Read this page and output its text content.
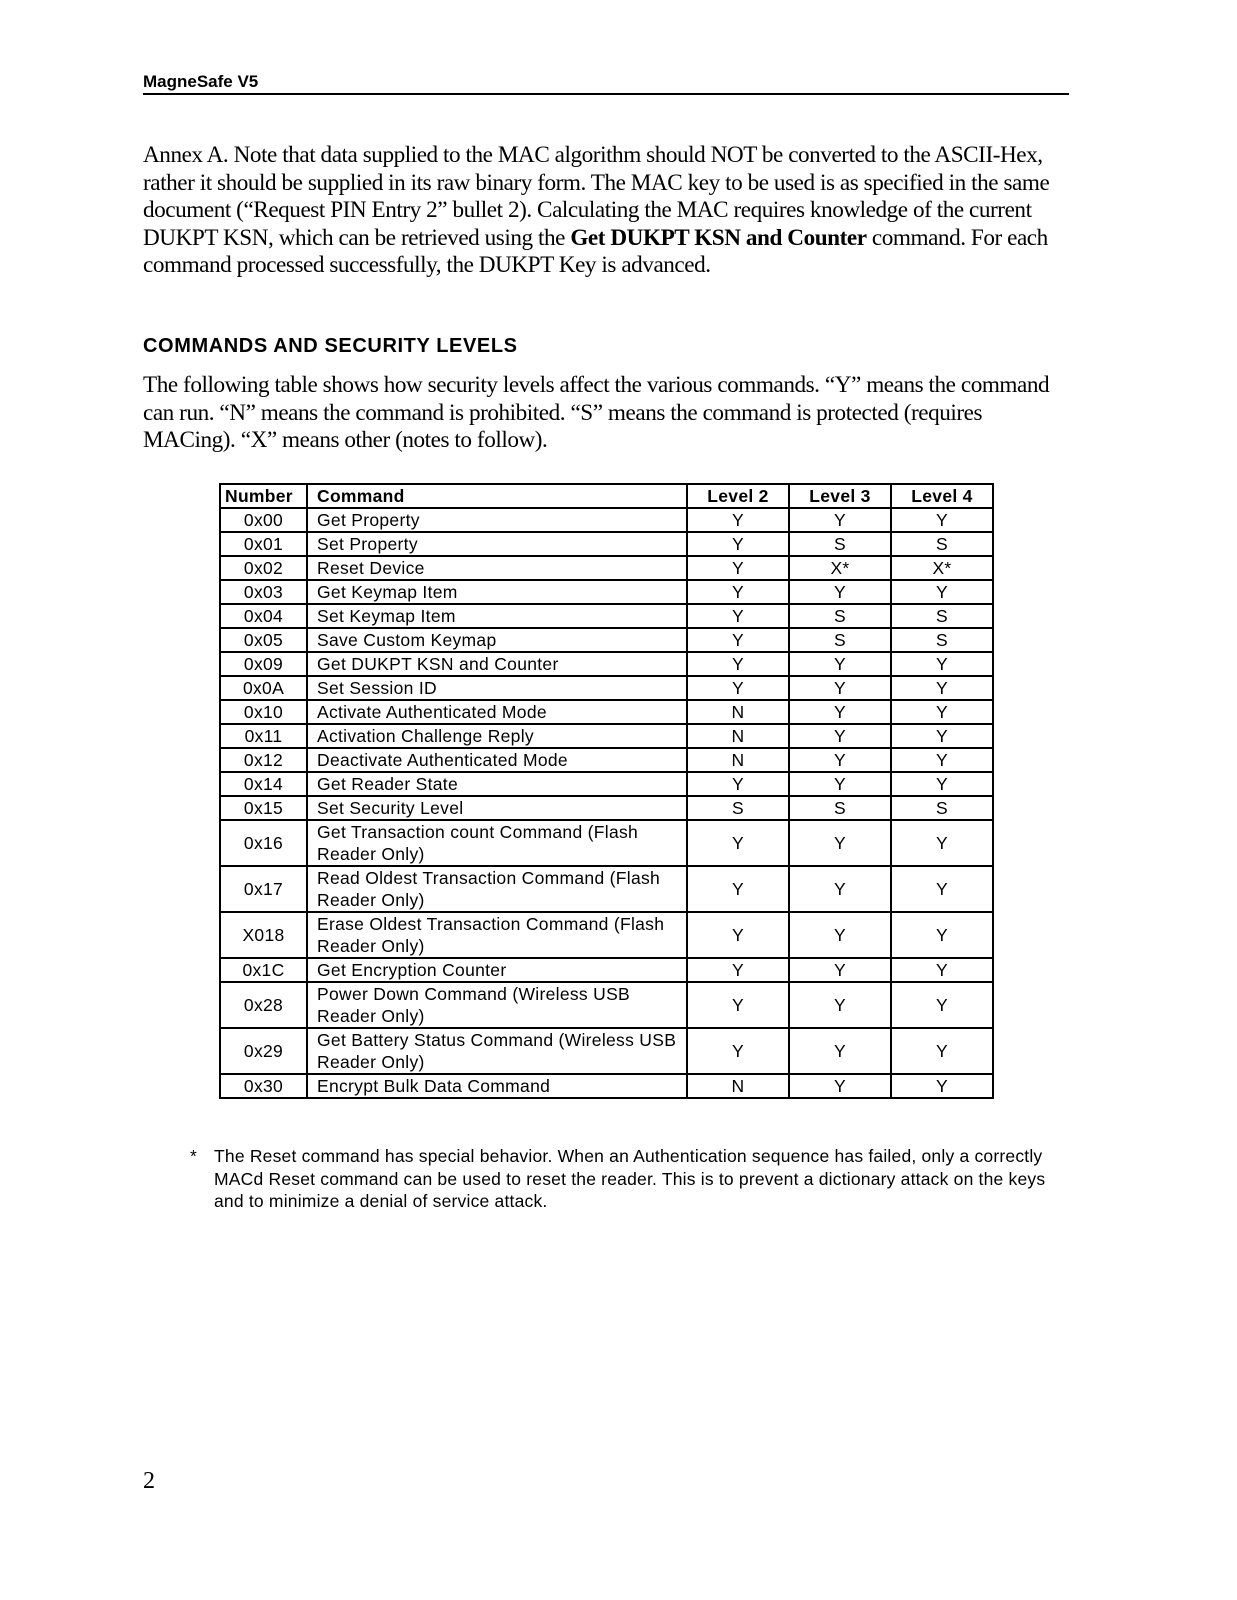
MagneSafe V5
Annex A. Note that data supplied to the MAC algorithm should NOT be converted to the ASCII-Hex, rather it should be supplied in its raw binary form. The MAC key to be used is as specified in the same document (“Request PIN Entry 2” bullet 2). Calculating the MAC requires knowledge of the current DUKPT KSN, which can be retrieved using the Get DUKPT KSN and Counter command. For each command processed successfully, the DUKPT Key is advanced.
COMMANDS AND SECURITY LEVELS
The following table shows how security levels affect the various commands. “Y” means the command can run. “N” means the command is prohibited. “S” means the command is protected (requires MACing). “X” means other (notes to follow).
Number	Command	Level 2	Level 3	Level 4
0x00	Get Property	Y	Y	Y
0x01	Set Property	Y	S	S
0x02	Reset Device	Y	X*	X*
0x03	Get Keymap Item	Y	Y	Y
0x04	Set Keymap Item	Y	S	S
0x05	Save Custom Keymap	Y	S	S
0x09	Get DUKPT KSN and Counter	Y	Y	Y
0x0A	Set Session ID	Y	Y	Y
0x10	Activate Authenticated Mode	N	Y	Y
0x11	Activation Challenge Reply	N	Y	Y
0x12	Deactivate Authenticated Mode	N	Y	Y
0x14	Get Reader State	Y	Y	Y
0x15	Set Security Level	S	S	S
0x16	Get Transaction count Command (Flash Reader Only)	Y	Y	Y
0x17	Read Oldest Transaction Command (Flash Reader Only)	Y	Y	Y
X018	Erase Oldest Transaction Command (Flash Reader Only)	Y	Y	Y
0x1C	Get Encryption Counter	Y	Y	Y
0x28	Power Down Command (Wireless USB Reader Only)	Y	Y	Y
0x29	Get Battery Status Command (Wireless USB Reader Only)	Y	Y	Y
0x30	Encrypt Bulk Data Command	N	Y	Y
* The Reset command has special behavior. When an Authentication sequence has failed, only a correctly MACd Reset command can be used to reset the reader. This is to prevent a dictionary attack on the keys and to minimize a denial of service attack.
2
